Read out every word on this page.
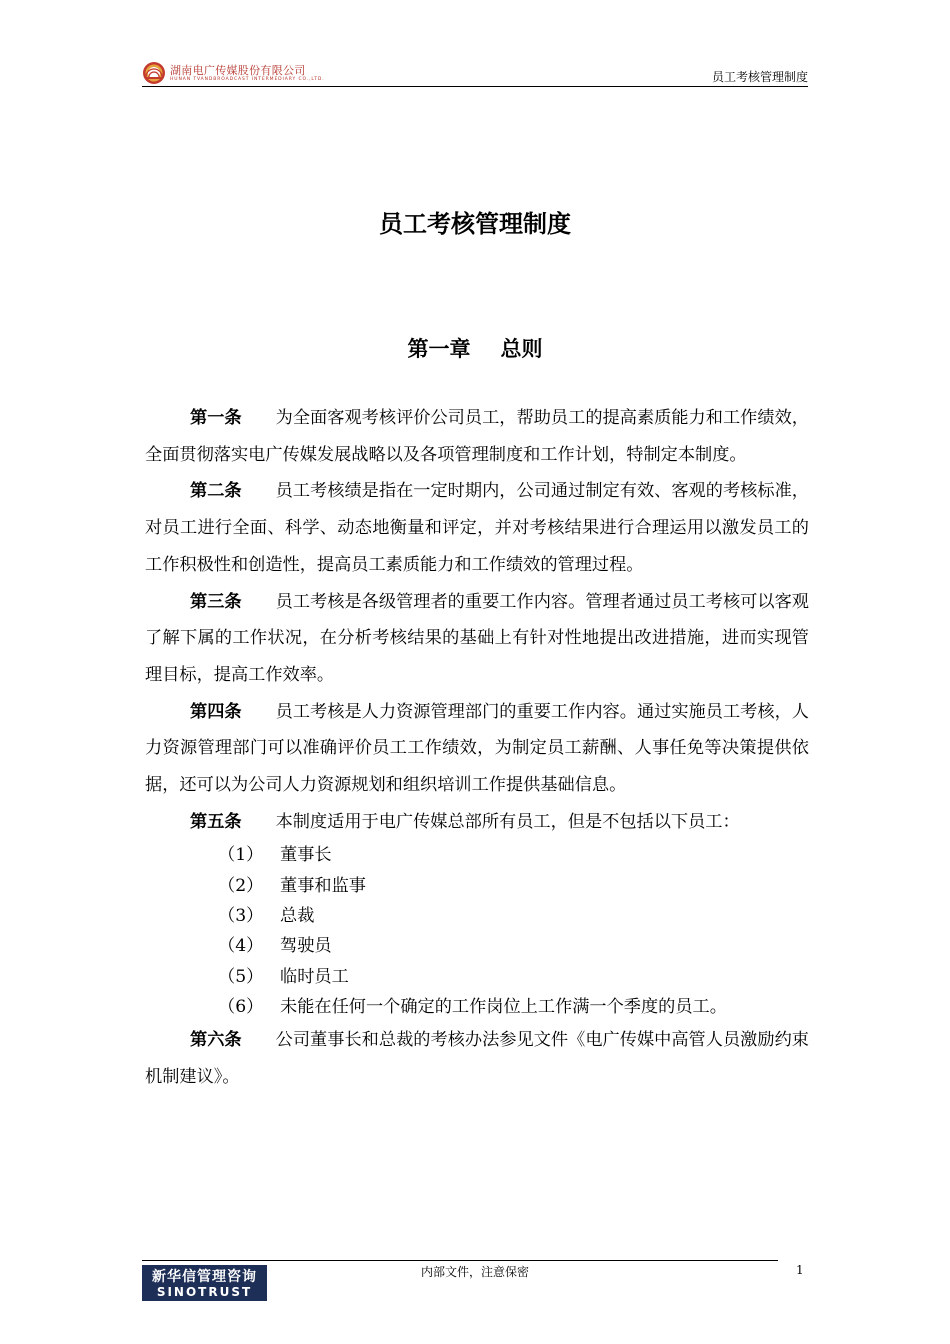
湖南电广传媒股份有限公司
HUNAN TVANDBROADCAST INTERMEDIARY CO.,LTD.	员工考核管理制度
员工考核管理制度
第一章 总则

第一条 为全面客观考核评价公司员工，帮助员工的提高素质能力和工作绩效，全面贯彻落实电广传媒发展战略以及各项管理制度和工作计划，特制定本制度。

第二条 员工考核绩是指在一定时期内，公司通过制定有效、客观的考核标准，对员工进行全面、科学、动态地衡量和评定，并对考核结果进行合理运用以激发员工的工作积极性和创造性，提高员工素质能力和工作绩效的管理过程。

第三条 员工考核是各级管理者的重要工作内容。管理者通过员工考核可以客观了解下属的工作状况，在分析考核结果的基础上有针对性地提出改进措施，进而实现管理目标，提高工作效率。

第四条 员工考核是人力资源管理部门的重要工作内容。通过实施员工考核，人力资源管理部门可以准确评价员工工作绩效，为制定员工薪酬、人事任免等决策提供依据，还可以为公司人力资源规划和组织培训工作提供基础信息。

第五条 本制度适用于电广传媒总部所有员工，但是不包括以下员工：

（1） 董事长

（2） 董事和监事

（3） 总裁

（4） 驾驶员

（5） 临时员工

（6） 未能在任何一个确定的工作岗位上工作满一个季度的员工。

第六条 公司董事长和总裁的考核办法参见文件《电广传媒中高管人员激励约束机制建议》。

新华信管理咨询
SINOTRUST
内部文件，注意保密	1
